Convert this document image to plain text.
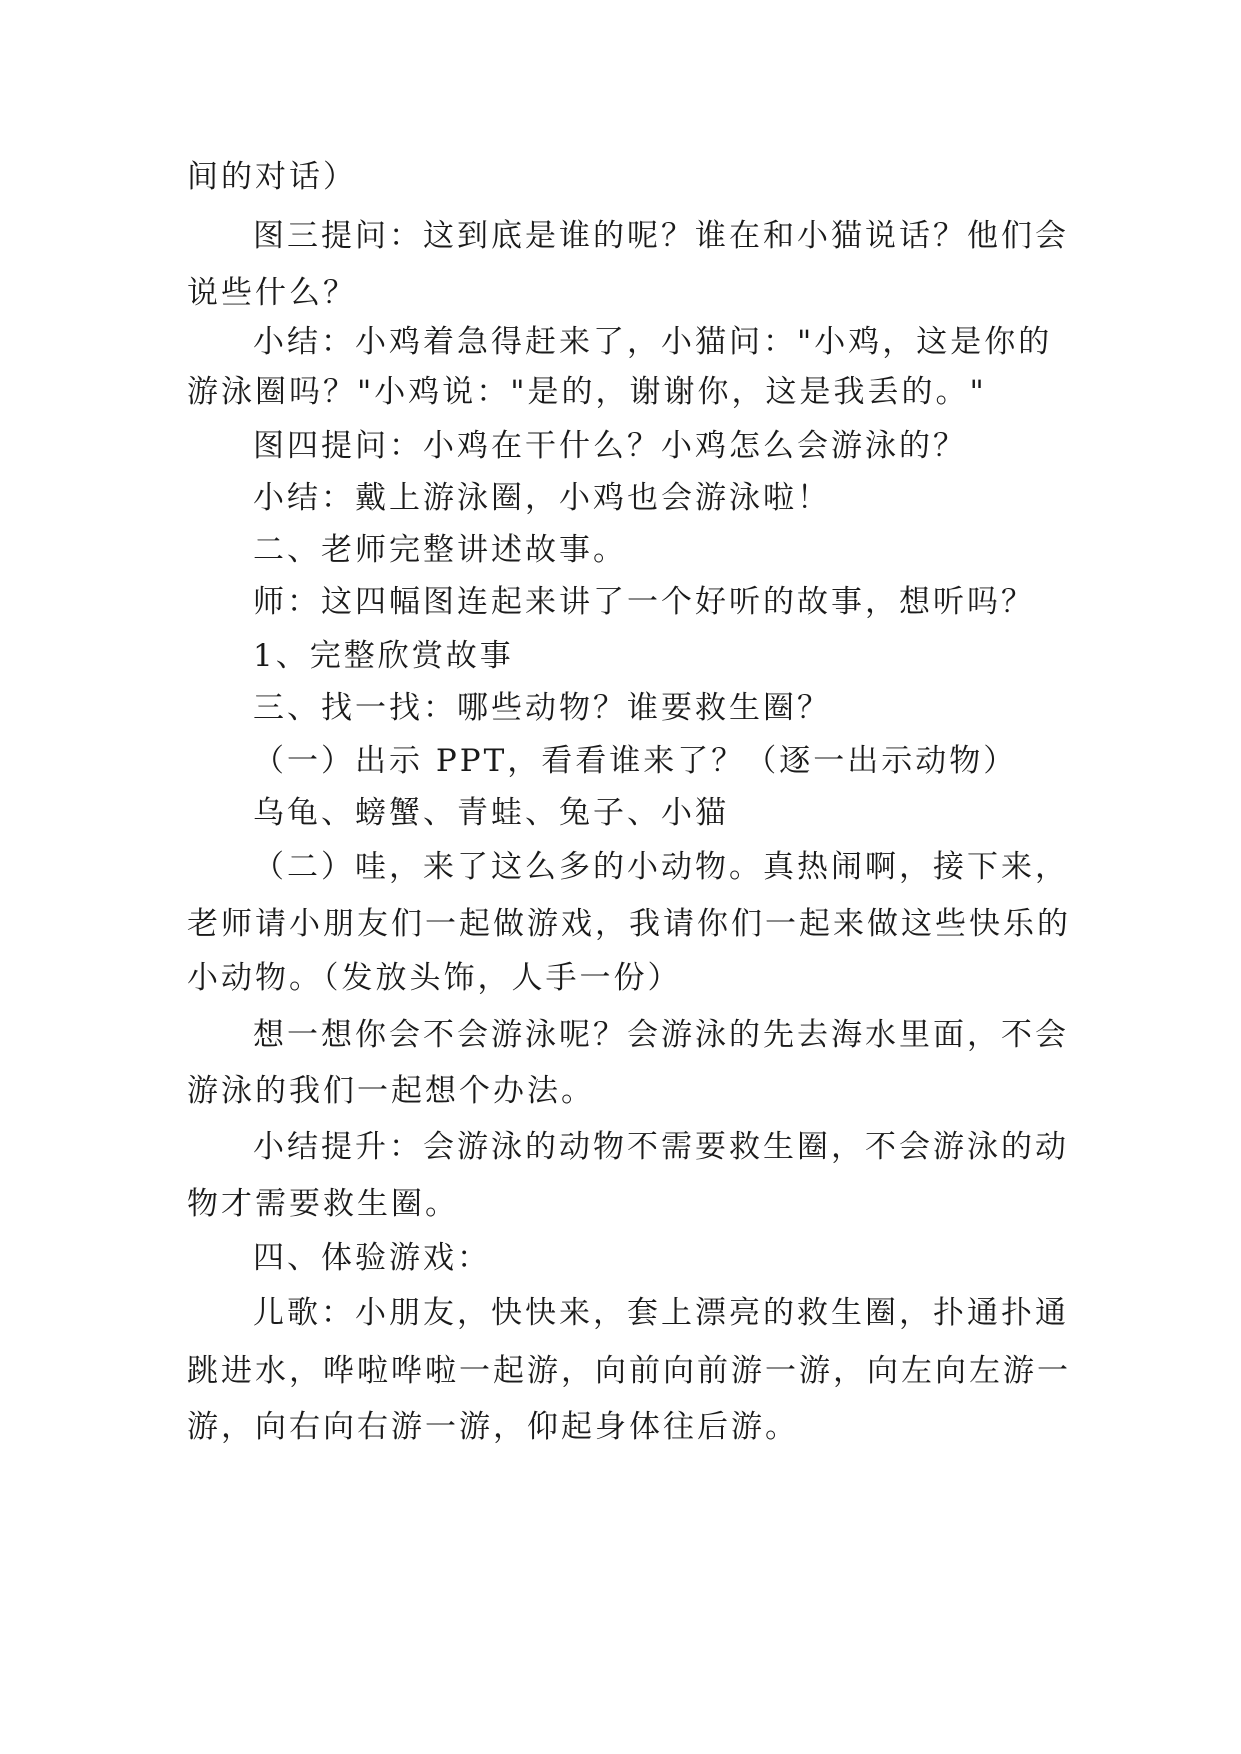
间的对话）
图三提问：这到底是谁的呢？谁在和小猫说话？他们会
说些什么？
小结：小鸡着急得赶来了，小猫问："小鸡，这是你的
游泳圈吗？"小鸡说："是的，谢谢你，这是我丢的。"
图四提问：小鸡在干什么？小鸡怎么会游泳的？
小结：戴上游泳圈，小鸡也会游泳啦！
二、老师完整讲述故事。
师：这四幅图连起来讲了一个好听的故事，想听吗？
1、完整欣赏故事
三、找一找：哪些动物？谁要救生圈？
（一）出示 PPT，看看谁来了？（逐一出示动物）
乌龟、螃蟹、青蛙、兔子、小猫
（二）哇，来了这么多的小动物。真热闹啊，接下来，
老师请小朋友们一起做游戏，我请你们一起来做这些快乐的
小动物。（发放头饰，人手一份）
想一想你会不会游泳呢？会游泳的先去海水里面，不会
游泳的我们一起想个办法。
小结提升：会游泳的动物不需要救生圈，不会游泳的动
物才需要救生圈。
四、体验游戏：
儿歌：小朋友，快快来，套上漂亮的救生圈，扑通扑通
跳进水，哗啦哗啦一起游，向前向前游一游，向左向左游一
游，向右向右游一游，仰起身体往后游。
